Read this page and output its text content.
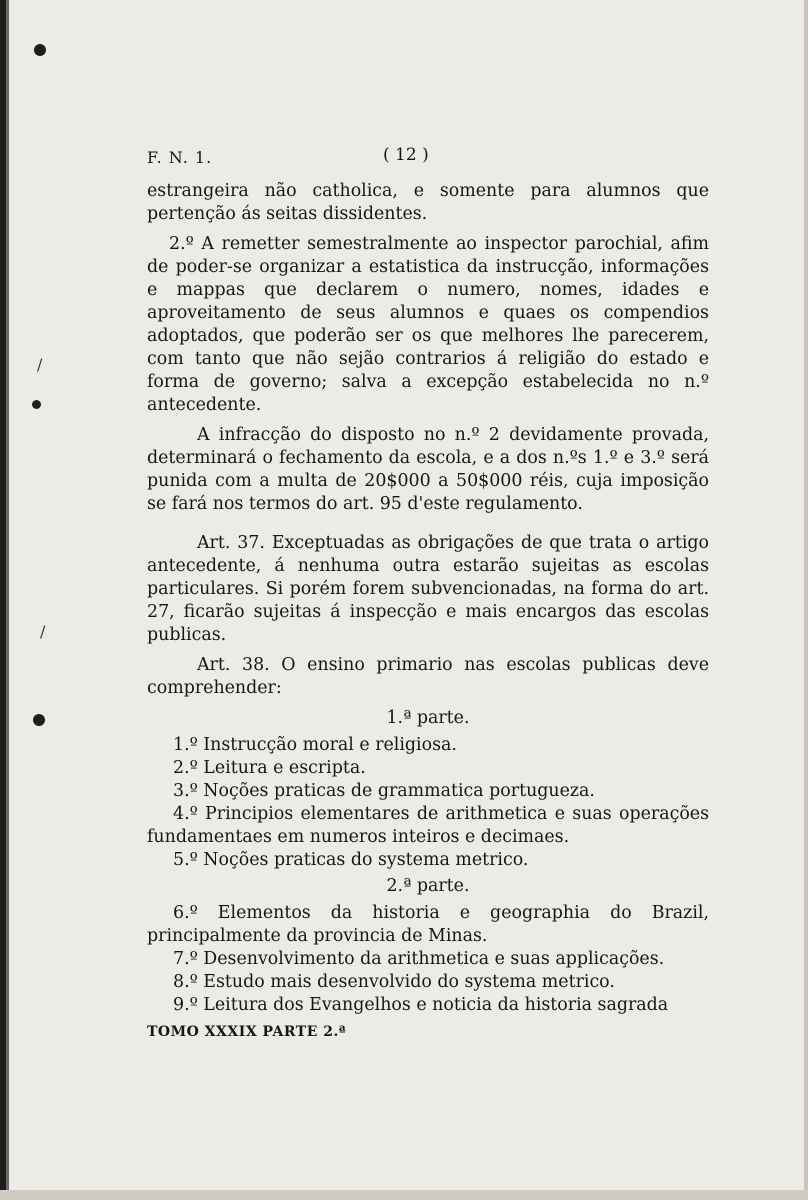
/
/
F. N. 1.	( 12 )

estrangeira não catholica, e somente para alumnos que pertenção ás seitas dissidentes.

2.º A remetter semestralmente ao inspector parochial, afim de poder-se organizar a estatistica da instrucção, informações e mappas que declarem o numero, nomes, idades e aproveitamento de seus alumnos e quaes os compendios adoptados, que poderão ser os que melhores lhe parecerem, com tanto que não sejão contrarios á religião do estado e forma de governo; salva a excepção estabelecida no n.º antecedente.

A infracção do disposto no n.º 2 devidamente provada, determinará o fechamento da escola, e a dos n.ºs 1.º e 3.º será punida com a multa de 20$000 a 50$000 réis, cuja imposição se fará nos termos do art. 95 d'este regulamento.

Art. 37. Exceptuadas as obrigações de que trata o artigo antecedente, á nenhuma outra estarão sujeitas as escolas particulares. Si porém forem subvencionadas, na forma do art. 27, ficarão sujeitas á inspecção e mais encargos das escolas publicas.

Art. 38. O ensino primario nas escolas publicas deve comprehender:

1.ª parte.

1.º Instrucção moral e religiosa.

2.º Leitura e escripta.

3.º Noções praticas de grammatica portugueza.

4.º Principios elementares de arithmetica e suas operações fundamentaes em numeros inteiros e decimaes.

5.º Noções praticas do systema metrico.

2.ª parte.

6.º Elementos da historia e geographia do Brazil, principalmente da provincia de Minas.

7.º Desenvolvimento da arithmetica e suas applicações.

8.º Estudo mais desenvolvido do systema metrico.

9.º Leitura dos Evangelhos e noticia da historia sagrada

TOMO XXXIX PARTE 2.ª
